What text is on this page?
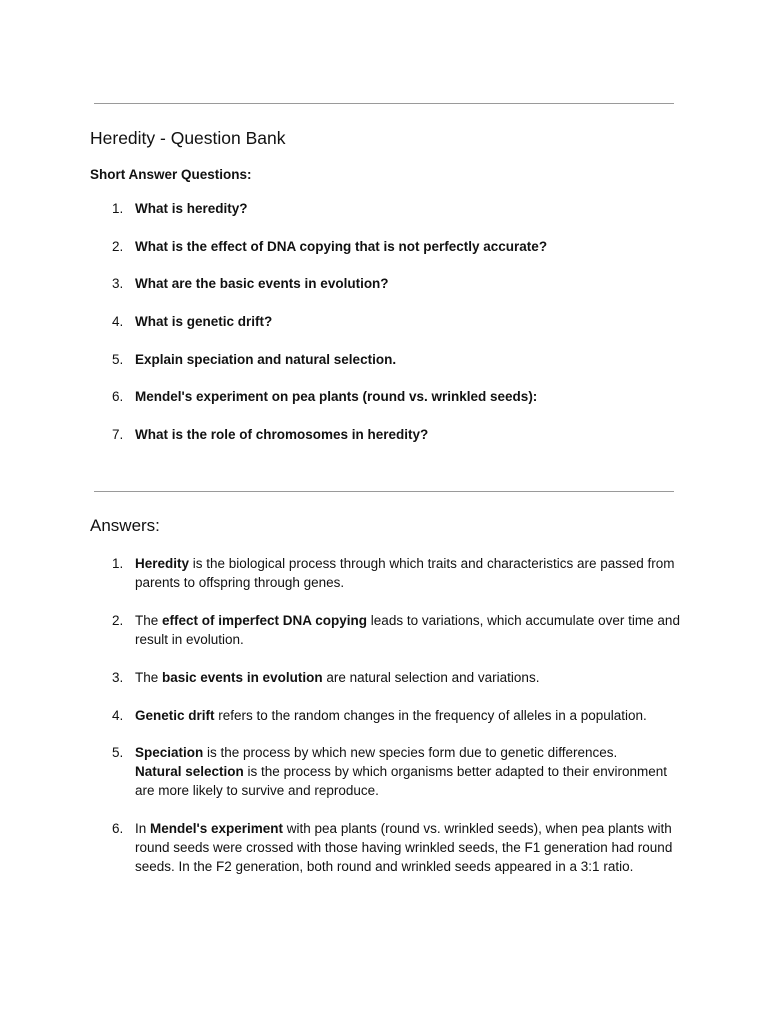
Heredity - Question Bank
Short Answer Questions:
1. What is heredity?
2. What is the effect of DNA copying that is not perfectly accurate?
3. What are the basic events in evolution?
4. What is genetic drift?
5. Explain speciation and natural selection.
6. Mendel's experiment on pea plants (round vs. wrinkled seeds):
7. What is the role of chromosomes in heredity?
Answers:
1. Heredity is the biological process through which traits and characteristics are passed from parents to offspring through genes.
2. The effect of imperfect DNA copying leads to variations, which accumulate over time and result in evolution.
3. The basic events in evolution are natural selection and variations.
4. Genetic drift refers to the random changes in the frequency of alleles in a population.
5. Speciation is the process by which new species form due to genetic differences.
Natural selection is the process by which organisms better adapted to their environment are more likely to survive and reproduce.
6. In Mendel's experiment with pea plants (round vs. wrinkled seeds), when pea plants with round seeds were crossed with those having wrinkled seeds, the F1 generation had round seeds. In the F2 generation, both round and wrinkled seeds appeared in a 3:1 ratio.
